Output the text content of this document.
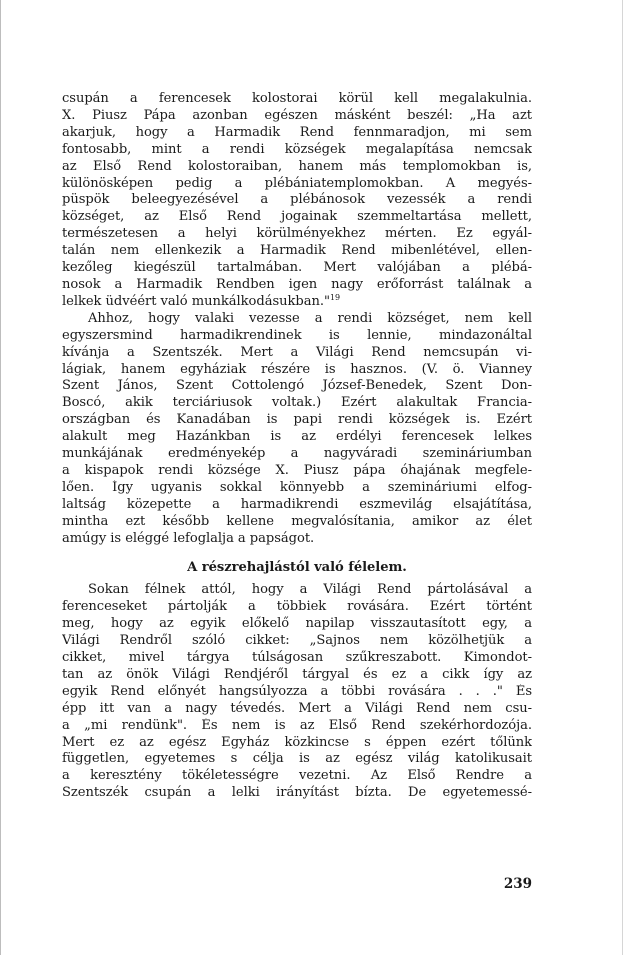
csupán a ferencesek kolostorai körül kell megalakulnia.
X. Piusz Pápa azonban egészen másként beszél: „Ha azt
akarjuk, hogy a Harmadik Rend fennmaradjon, mi sem
fontosabb, mint a rendi községek megalapítása nemcsak
az Első Rend kolostoraiban, hanem más templomokban is,
különösképen pedig a plébániatemplomokban. A megyés-
püspök beleegyezésével a plébánosok vezessék a rendi
községet, az Első Rend jogainak szemmeltartása mellett,
természetesen a helyi körülményekhez mérten. Ez egyál-
talán nem ellenkezik a Harmadik Rend mibenlétével, ellen-
kezőleg kiegészül tartalmában. Mert valójában a plébá-
nosok a Harmadik Rendben igen nagy erőforrást találnak a
lelkek üdvéért való munkálkodásukban."$^{19}$
Ahhoz, hogy valaki vezesse a rendi községet, nem kell
egyszersmind harmadikrendinek is lennie, mindazonáltal
kívánja a Szentszék. Mert a Világi Rend nemcsupán vi-
lágiak, hanem egyháziak részére is hasznos. (V. ö. Vianney
Szent János, Szent Cottolengó József-Benedek, Szent Don-
Boscó, akik terciáriusok voltak.) Ezért alakultak Francia-
országban és Kanadában is papi rendi községek is. Ezért
alakult meg Hazánkban is az erdélyi ferencesek lelkes
munkájának eredményekép a nagyváradi szemináriumban
a kispapok rendi községe X. Piusz pápa óhajának megfele-
lően. Így ugyanis sokkal könnyebb a szemináriumi elfog-
laltság közepette a harmadikrendi eszmevilág elsajátítása,
mintha ezt később kellene megvalósítania, amikor az élet
amúgy is eléggé lefoglalja a papságot.
A részrehajlástól való félelem.
Sokan félnek attól, hogy a Világi Rend pártolásával a
ferenceseket pártolják a többiek rovására. Ezért történt
meg, hogy az egyik előkelő napilap visszautasított egy, a
Világi Rendről szóló cikket: „Sajnos nem közölhetjük a
cikket, mivel tárgya túlságosan szűkreszabott. Kimondot-
tan az önök Világi Rendjéről tárgyal és ez a cikk így az
egyik Rend előnyét hangsúlyozza a többi rovására . . ." És
épp itt van a nagy tévedés. Mert a Világi Rend nem csu-
a „mi rendünk". És nem is az Első Rend szekérhordozója.
Mert ez az egész Egyház közkincse s éppen ezért tőlünk
független, egyetemes s célja is az egész világ katolikusait
a keresztény tökéletességre vezetni. Az Első Rendre a
Szentszék csupán a lelki irányítást bízta. De egyetemessé-
239
